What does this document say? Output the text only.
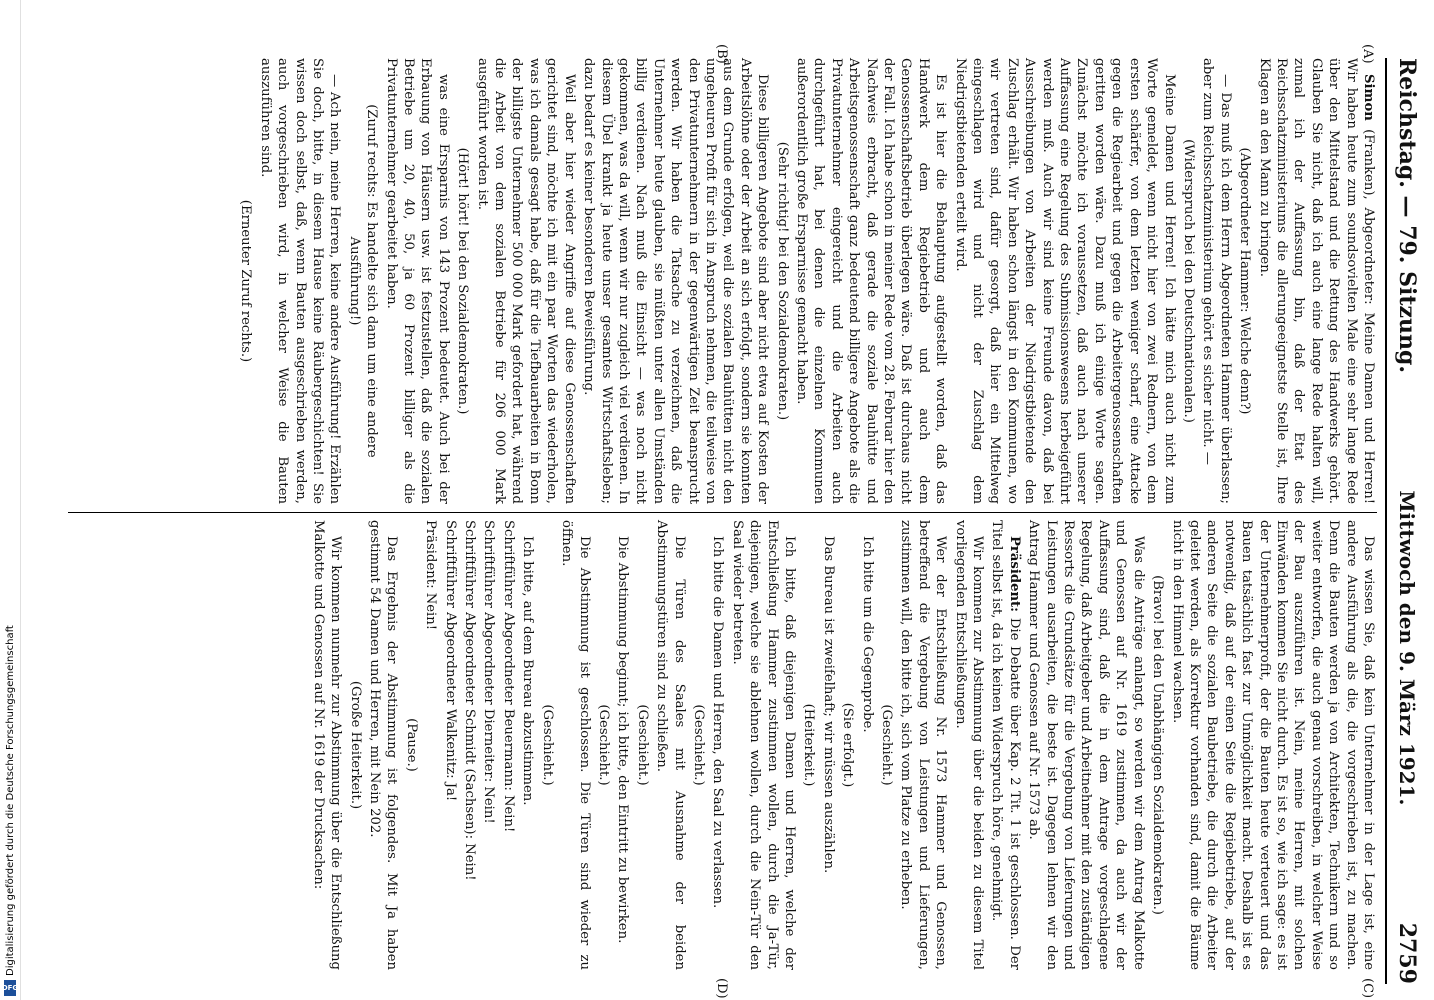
Digitalisierung gefördert durch die Deutsche Forschungsgemeinschaft
DFG
Reichstag. — 79. Sitzung.
Mittwoch den 9. März 1921.
2759
(A)
(B)
(C)
(D)

Simon (Franken), Abgeordneter: Meine Damen und Herren! Wir haben heute zum soundsovielten Male eine sehr lange Rede über den Mittelstand und die Rettung des Handwerks gehört. Glauben Sie nicht, daß ich auch eine lange Rede halten will, zumal ich der Auffassung bin, daß der Etat des Reichsschatzministeriums die allerungeeignetste Stelle ist, Ihre Klagen an den Mann zu bringen.

(Abgeordneter Hammer: Welche denn?)

— Das muß ich dem Herrn Abgeordneten Hammer überlassen; aber zum Reichsschatzministerium gehört es sicher nicht. —

(Widerspruch bei den Deutschnationalen.)

Meine Damen und Herren! Ich hätte mich auch nicht zum Worte gemeldet, wenn nicht hier von zwei Rednern, von dem ersten schärfer, von dem letzten weniger scharf, eine Attacke gegen die Regiearbeit und gegen die Arbeitergenossenschaften geritten worden wäre. Dazu muß ich einige Worte sagen. Zunächst möchte ich voraussetzen, daß auch nach unserer Auffassung eine Regelung des Submissionswesens herbeigeführt werden muß. Auch wir sind keine Freunde davon, daß bei Ausschreibungen von Arbeiten der Niedrigstbietende den Zuschlag erhält. Wir haben schon längst in den Kommunen, wo wir vertreten sind, dafür gesorgt, daß hier ein Mittelweg eingeschlagen wird und nicht der Zuschlag dem Niedrigstbietenden erteilt wird.

Es ist hier die Behauptung aufgestellt worden, daß das Handwerk dem Regiebetrieb und auch dem Genossenschaftsbetrieb überlegen wäre. Daß ist durchaus nicht der Fall. Ich habe schon in meiner Rede vom 28. Februar hier den Nachweis erbracht, daß gerade die soziale Bauhütte und Arbeitsgenossenschaft ganz bedeutend billigere Angebote als die Privatunternehmer eingereicht und die Arbeiten auch durchgeführt hat, bei denen die einzelnen Kommunen außerordentlich große Ersparnisse gemacht haben.

(Sehr richtig! bei den Sozialdemokraten.)

Diese billigeren Angebote sind aber nicht etwa auf Kosten der Arbeitslöhne oder der Arbeit an sich erfolgt, sondern sie konnten aus dem Grunde erfolgen, weil die sozialen Bauhütten nicht den ungeheuren Profit für sich in Anspruch nehmen, die teilweise von den Privatunternehmern in der gegenwärtigen Zeit beansprucht werden. Wir haben die Tatsache zu verzeichnen, daß die Unternehmer heute glauben, sie müßten unter allen Umständen billig verdienen. Nach muß die Einsicht — was noch nicht gekommen, was da will, wenn wir nur zugleich viel verdienen. In diesem Übel krankt ja heute unser gesamtes Wirtschaftsleben; dazu bedarf es keiner besonderen Beweisführung.

Weil aber hier wieder Angriffe auf diese Genossenschaften gerichtet sind, möchte ich mit ein paar Worten das wiederholen, was ich damals gesagt habe, daß für die Tiefbauarbeiten in Bonn der billigste Unternehmer 500 000 Mark gefordert hat, während die Arbeit von dem sozialen Betriebe für 206 000 Mark ausgeführt worden ist.

(Hört! hört! bei den Sozialdemokraten.)

was eine Ersparnis von 143 Prozent bedeutet. Auch bei der Erbauung von Häusern usw. ist festzustellen, daß die sozialen Betriebe um 20, 40, 50, ja 60 Prozent billiger als die Privatunternehmer gearbeitet haben.

(Zuruf rechts: Es handelte sich dann um eine andere Ausführung!)

— Ach nein, meine Herren, keine andere Ausführung! Erzählen Sie doch, bitte, in diesem Hause keine Räubergeschichten! Sie wissen doch selbst, daß, wenn Bauten ausgeschrieben werden, auch vorgeschrieben wird, in welcher Weise die Bauten auszuführen sind.

(Erneuter Zuruf rechts.)

Das wissen Sie, daß kein Unternehmer in der Lage ist, eine andere Ausführung als die, die vorgeschrieben ist, zu machen. Denn die Bauten werden ja von Architekten, Technikern und so weiter entworfen, die auch genau vorschreiben, in welcher Weise der Bau auszuführen ist. Nein, meine Herren, mit solchen Einwänden kommen Sie nicht durch. Es ist so, wie ich sage: es ist der Unternehmerprofit, der die Bauten heute verteuert und das Bauen tatsächlich fast zur Unmöglichkeit macht. Deshalb ist es notwendig, daß auf der einen Seite die Regiebetriebe, auf der anderen Seite die sozialen Baubetriebe, die durch die Arbeiter geleitet werden, als Korrektur vorhanden sind, damit die Bäume nicht in den Himmel wachsen.

(Bravo! bei den Unabhängigen Sozialdemokraten.)

Was die Anträge anlangt, so werden wir dem Antrag Malkotte und Genossen auf Nr. 1619 zustimmen, da auch wir der Auffassung sind, daß die in dem Antrage vorgeschlagene Regelung, daß Arbeitgeber und Arbeitnehmer mit den zuständigen Ressorts die Grundsätze für die Vergebung von Lieferungen und Leistungen ausarbeiten, die beste ist. Dagegen lehnen wir den Antrag Hammer und Genossen auf Nr. 1573 ab.

Präsident: Die Debatte über Kap. 2 Tit. 1 ist geschlossen. Der Titel selbst ist, da ich keinen Widerspruch höre, genehmigt.

Wir kommen zur Abstimmung über die beiden zu diesem Titel vorliegenden Entschließungen.

Wer der Entschließung Nr. 1573 Hammer und Genossen, betreffend die Vergebung von Leistungen und Lieferungen, zustimmen will, den bitte ich, sich vom Platze zu erheben.

(Geschieht.)

Ich bitte um die Gegenprobe.

(Sie erfolgt.)

Das Bureau ist zweifelhaft; wir müssen auszählen.

(Heiterkeit.)

Ich bitte, daß diejenigen Damen und Herren, welche der Entschließung Hammer zustimmen wollen, durch die Ja-Tür, diejenigen, welche sie ablehnen wollen, durch die Nein-Tür den Saal wieder betreten.

Ich bitte die Damen und Herren, den Saal zu verlassen.

(Geschieht.)

Die Türen des Saales mit Ausnahme der beiden Abstimmungstüren sind zu schließen.

(Geschieht.)

Die Abstimmung beginnt; ich bitte, den Eintritt zu bewirken.

(Geschieht.)

Die Abstimmung ist geschlossen. Die Türen sind wieder zu öffnen.

(Geschieht.)

Ich bitte, auf dem Bureau abzustimmen.

Schriftführer Abgeordneter Beuermann: Nein!

Schriftführer Abgeordneter Dierneiter: Nein!

Schriftführer Abgeordneter Schmidt (Sachsen): Nein!

Schriftführer Abgeordneter Walkenitz: Ja!

Präsident: Nein!

(Pause.)

Das Ergebnis der Abstimmung ist folgendes. Mit Ja haben gestimmt 54 Damen und Herren, mit Nein 202.

(Große Heiterkeit.)

Wir kommen nunmehr zur Abstimmung über die Entschließung Malkotte und Genossen auf Nr. 1619 der Drucksachen:
